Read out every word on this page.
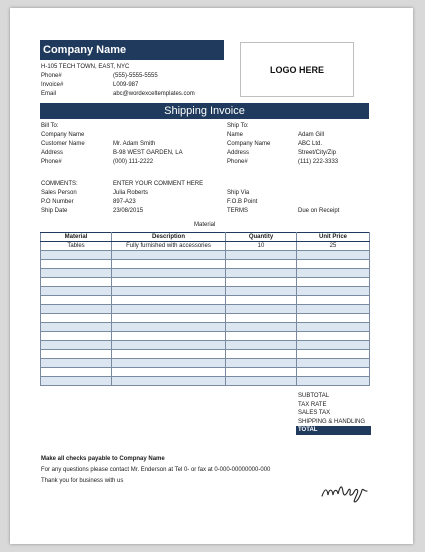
Company Name
H-105 TECH TOWN, EAST, NYC
Phone#	(555)-5555-5555
Invoice#	L009-987
Email	abc@wordexceltemplates.com
LOGO HERE
Shipping Invoice
Bill To:
Company Name
Customer Name	Mr. Adam Smith
Address	B-98 WEST GARDEN, LA
Phone#	(000) 111-2222
Ship To:
Name	Adam Gill
Company Name	ABC Ltd.
Address	Street/City/Zip
Phone#	(111) 222-3333
COMMENTS:	ENTER YOUR COMMENT HERE
Sales Person	Julia Roberts
P.O Number	897-A23
Ship Date	23/08/2015
Ship Via
F.O.B Point
TERMS	Due on Receipt
Material
Material	Description	Quantity	Unit Price
Tables	Fully furnished with accessories	10	25

SUBTOTAL
TAX RATE
SALES TAX
SHIPPING & HANDLING
TOTAL
Make all checks payable to Compnay Name
For any questions please contact Mr. Enderson at Tel 0- or fax at 0-000-00000000-000
Thank you for business with us
